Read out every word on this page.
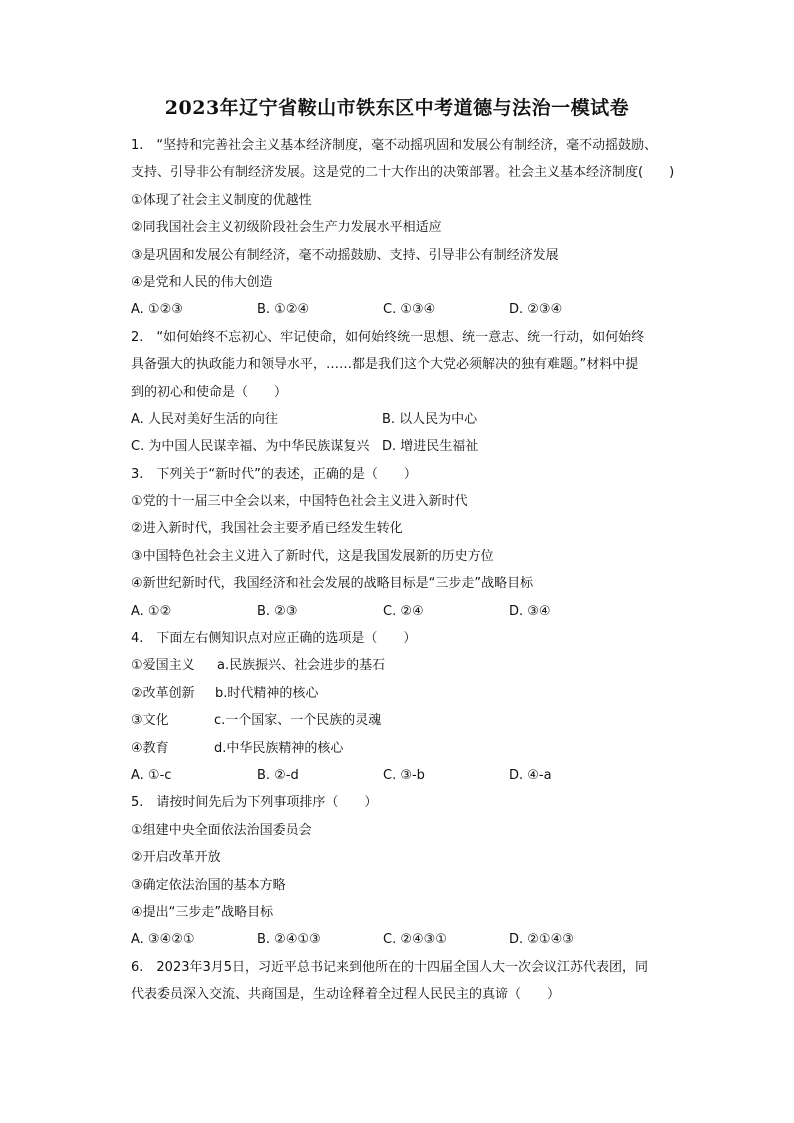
2023年辽宁省鞍山市铁东区中考道德与法治一模试卷
1.　“坚持和完善社会主义基本经济制度，毫不动摇巩固和发展公有制经济，毫不动摇鼓励、
支持、引导非公有制经济发展。这是党的二十大作出的决策部署。社会主义基本经济制度(　　)
①体现了社会主义制度的优越性
②同我国社会主义初级阶段社会生产力发展水平相适应
③是巩固和发展公有制经济，毫不动摇鼓励、支持、引导非公有制经济发展
④是党和人民的伟大创造
A. ①②③	B. ①②④	C. ①③④	D. ②③④
2.　“如何始终不忘初心、牢记使命，如何始终统一思想、统一意志、统一行动，如何始终
具备强大的执政能力和领导水平，……都是我们这个大党必须解决的独有难题。”材料中提
到的初心和使命是（　　）
A. 人民对美好生活的向往	B. 以人民为中心
C. 为中国人民谋幸福、为中华民族谋复兴 D. 增进民生福祉
3.　下列关于“新时代”的表述，正确的是（　　）
①党的十一届三中全会以来，中国特色社会主义进入新时代
②进入新时代，我国社会主要矛盾已经发生转化
③中国特色社会主义进入了新时代，这是我国发展新的历史方位
④新世纪新时代，我国经济和社会发展的战略目标是“三步走”战略目标
A. ①②	B. ②③	C. ②④	D. ③④
4.　下面左右侧知识点对应正确的选项是（　　）
①爱国主义	a.民族振兴、社会进步的基石
②改革创新	b.时代精神的核心
③文化	c.一个国家、一个民族的灵魂
④教育	d.中华民族精神的核心
A. ①-c	B. ②-d	C. ③-b	D. ④-a
5.　请按时间先后为下列事项排序（　　）
①组建中央全面依法治国委员会
②开启改革开放
③确定依法治国的基本方略
④提出“三步走”战略目标
A. ③④②①	B. ②④①③	C. ②④③①	D. ②①④③
6.　2023年3月5日，习近平总书记来到他所在的十四届全国人大一次会议江苏代表团，同
代表委员深入交流、共商国是，生动诠释着全过程人民民主的真谛（　　）
